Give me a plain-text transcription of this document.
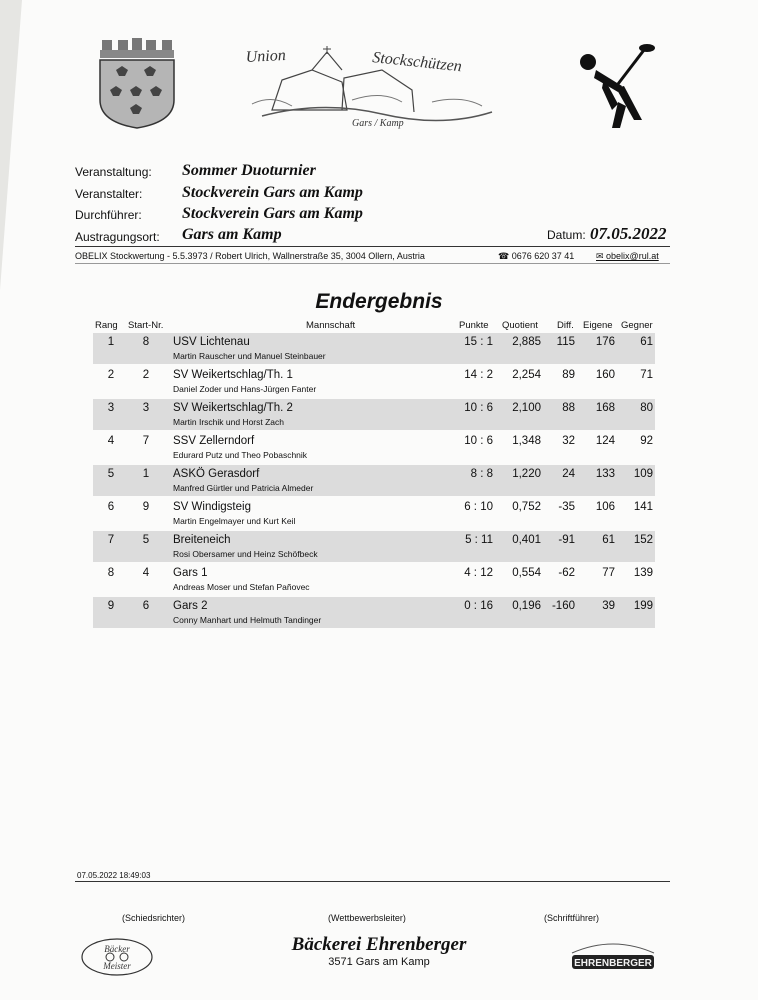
Union	Stockschützen
Gars / Kamp
Veranstaltung: Sommer Duoturnier
Veranstalter: Stockverein Gars am Kamp
Durchführer:	Stockverein Gars am Kamp
Austragungsort: Gars am Kamp	Datum: 07.05.2022
OBELIX Stockwertung - 5.5.3973 / Robert Ulrich, Wallnerstraße 35, 3004 Ollern, Austria	☎ 0676 620 37 41 ✉ obelix@rul.at
Endergebnis
Rang Start-Nr.	Mannschaft	Punkte Quotient Diff. Eigene Gegner
1	8	USV Lichtenau	15 : 1	2,885	115	176	61
Martin Rauscher und Manuel Steinbauer
2	2	SV Weikertschlag/Th. 1	14 : 2	2,254	89	160	71
Daniel Zoder und Hans-Jürgen Fanter
3	3	SV Weikertschlag/Th. 2	10 : 6	2,100	88	168	80
Martin Irschik und Horst Zach
4	7	SSV Zellerndorf	10 : 6	1,348	32	124	92
Edurard Putz und Theo Pobaschnik
5	1	ASKÖ Gerasdorf	8 : 8	1,220	24	133	109
Manfred Gürtler und Patricia Almeder
6	9	SV Windigsteig	6 : 10	0,752	-35	106	141
Martin Engelmayer und Kurt Keil
7	5	Breiteneich	5 : 11	0,401	-91	61	152
Rosi Obersamer und Heinz Schöfbeck
8	4	Gars 1	4 : 12	0,554	-62	77	139
Andreas Moser und Stefan Pañovec
9	6	Gars 2	0 : 16	0,196 -160	39	199
Conny Manhart und Helmuth Tandinger
07.05.2022 18:49:03
(Schiedsrichter)	(Wettbewerbsleiter)	(Schriftführer)
Bäcker
Meister
Bäckerei Ehrenberger
3571 Gars am Kamp	EHRENBERGER
